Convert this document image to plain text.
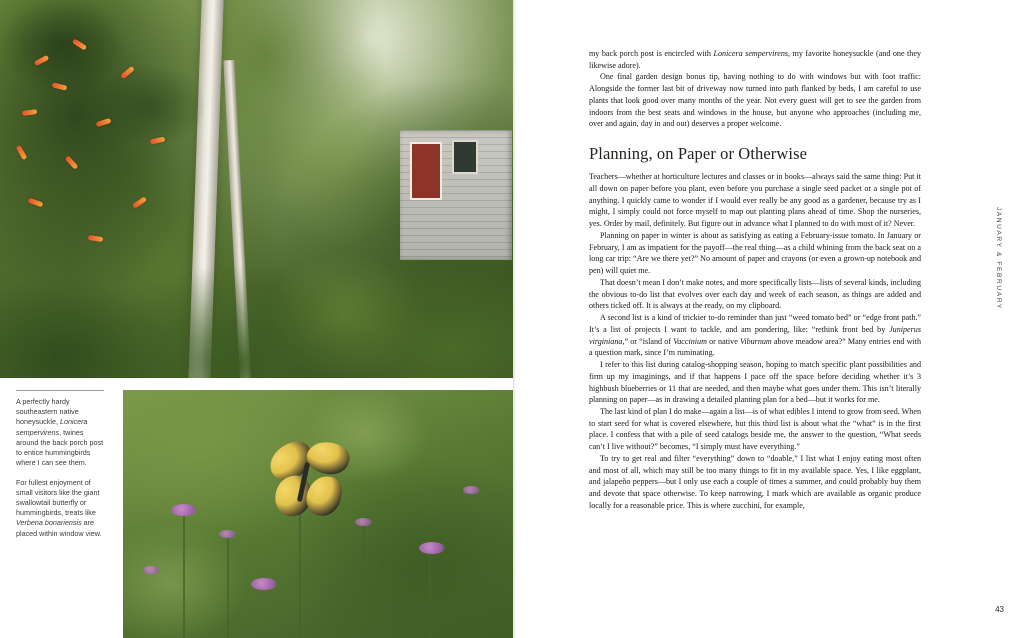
A perfectly hardy southeastern native honeysuckle, Lonicera sempervirens, twines around the back porch post to entice hummingbirds where I can see them.

For fullest enjoyment of small visitors like the giant swallowtail butterfly or hummingbirds, treats like Verbena bonariensis are placed within window view.

my back porch post is encircled with Lonicera sempervirens, my favorite honeysuckle (and one they likewise adore).

One final garden design bonus tip, having nothing to do with windows but with foot traffic: Alongside the former last bit of driveway now turned into path flanked by beds, I am careful to use plants that look good over many months of the year. Not every guest will get to see the garden from indoors from the best seats and windows in the house, but anyone who approaches (including me, over and again, day in and out) deserves a proper welcome.

Planning, on Paper or Otherwise

Teachers—whether at horticulture lectures and classes or in books—always said the same thing: Put it all down on paper before you plant, even before you purchase a single seed packet or a single pot of anything. I quickly came to wonder if I would ever really be any good as a gardener, because try as I might, I simply could not force myself to map out planting plans ahead of time. Shop the nurseries, yes. Order by mail, definitely. But figure out in advance what I planned to do with most of it? Never.

Planning on paper in winter is about as satisfying as eating a February-issue tomato. In January or February, I am as impatient for the payoff—the real thing—as a child whining from the back seat on a long car trip: “Are we there yet?” No amount of paper and crayons (or even a grown-up notebook and pen) will quiet me.

That doesn’t mean I don’t make notes, and more specifically lists—lists of several kinds, including the obvious to-do list that evolves over each day and week of each season, as things are added and others ticked off. It is always at the ready, on my clipboard.

A second list is a kind of trickier to-do reminder than just “weed tomato bed” or “edge front path.” It’s a list of projects I want to tackle, and am pondering, like: “rethink front bed by Juniperus virginiana,” or “island of Vaccinium or native Viburnum above meadow area?” Many entries end with a question mark, since I’m ruminating.

I refer to this list during catalog-shopping season, hoping to match specific plant possibilities and firm up my imaginings, and if that happens I pace off the space before deciding whether it’s 3 highbush blueberries or 11 that are needed, and then maybe what goes under them. This isn’t literally planning on paper—as in drawing a detailed planting plan for a bed—but it works for me.

The last kind of plan I do make—again a list—is of what edibles I intend to grow from seed. When to start seed for what is covered elsewhere, but this third list is about what the “what” is in the first place. I confess that with a pile of seed catalogs beside me, the answer to the question, “What seeds can’t I live without?” becomes, “I simply must have everything.”

To try to get real and filter “everything” down to “doable,” I list what I enjoy eating most often and most of all, which may still be too many things to fit in my available space. Yes, I like eggplant, and jalapeño peppers—but I only use each a couple of times a summer, and could probably buy them and devote that space otherwise. To keep narrowing, I mark which are available as organic produce locally for a reasonable price. This is where zucchini, for example,

JANUARY & FEBRUARY
43
